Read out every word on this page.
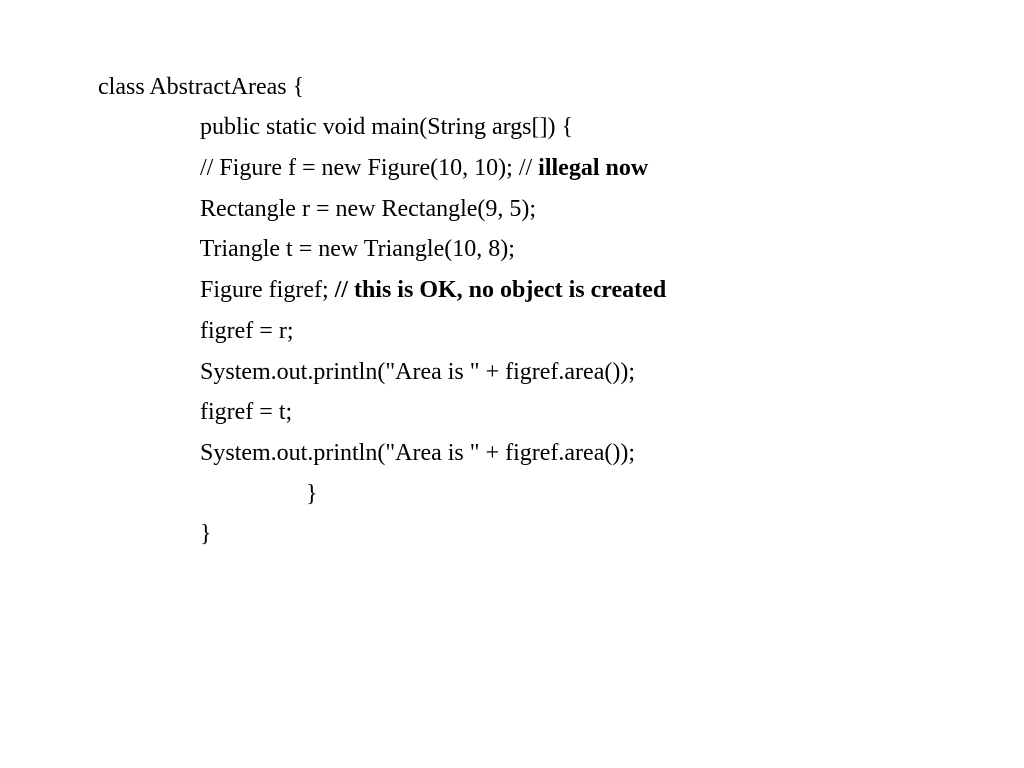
class AbstractAreas {

public static void main(String args[]) {

// Figure f = new Figure(10, 10); // illegal now

Rectangle r = new Rectangle(9, 5);

Triangle t = new Triangle(10, 8);

Figure figref; // this is OK, no object is created

figref = r;

System.out.println("Area is " + figref.area());

figref = t;

System.out.println("Area is " + figref.area());

}

}
